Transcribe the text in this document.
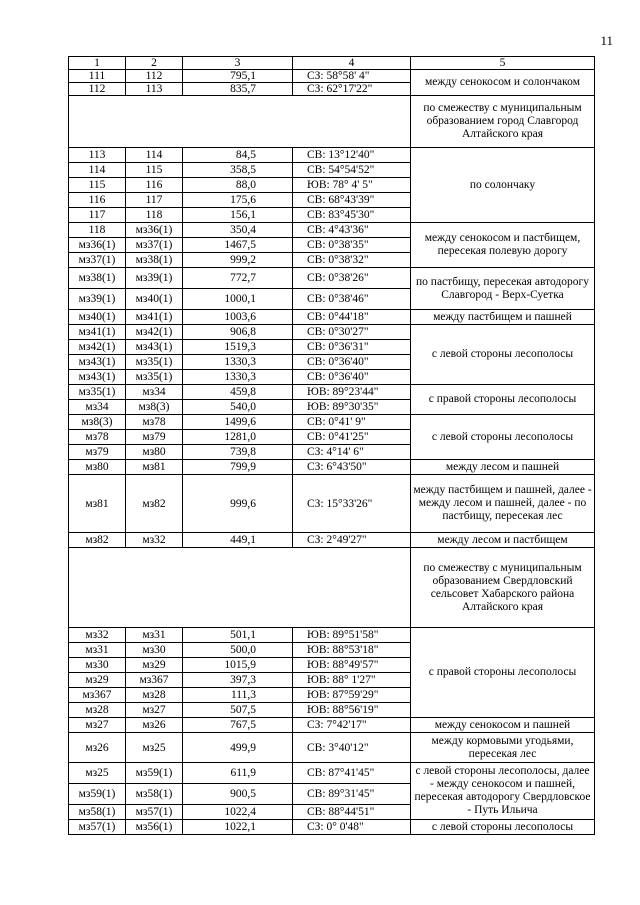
11
1	2	3	4	5
111	112	795,1	СЗ: 58°58' 4"	между сенокосом и солончаком
112	113	835,7	СЗ: 62°17'22"	
				по смежеству с муниципальным образованием город Славгород Алтайского края
113	114	84,5	СВ: 13°12'40"	по солончаку
114	115	358,5	СВ: 54°54'52"	
115	116	88,0	ЮВ: 78° 4' 5"	
116	117	175,6	СВ: 68°43'39"	
117	118	156,1	СВ: 83°45'30"	
118	мз36(1)	350,4	СВ: 4°43'36"	между сенокосом и пастбищем, пересекая полевую дорогу
мз36(1)	мз37(1)	1467,5	СВ: 0°38'35"	
мз37(1)	мз38(1)	999,2	СВ: 0°38'32"	
мз38(1)	мз39(1)	772,7	СВ: 0°38'26"	по пастбищу, пересекая автодорогу Славгород - Верх-Суетка
мз39(1)	мз40(1)	1000,1	СВ: 0°38'46"	
мз40(1)	мз41(1)	1003,6	СВ: 0°44'18"	между пастбищем и пашней
мз41(1)	мз42(1)	906,8	СВ: 0°30'27"	с левой стороны лесополосы
мз42(1)	мз43(1)	1519,3	СВ: 0°36'31"	
мз43(1)	мз35(1)	1330,3	СВ: 0°36'40"	
мз43(1)	мз35(1)	1330,3	СВ: 0°36'40"	
мз35(1)	мз34	459,8	ЮВ: 89°23'44"	с правой стороны лесополосы
мз34	мз8(3)	540,0	ЮВ: 89°30'35"	
мз8(3)	мз78	1499,6	СВ: 0°41' 9"	с левой стороны лесополосы
мз78	мз79	1281,0	СВ: 0°41'25"	
мз79	мз80	739,8	СЗ: 4°14' 6"	
мз80	мз81	799,9	СЗ: 6°43'50"	между лесом и пашней
мз81	мз82	999,6	СЗ: 15°33'26"	между пастбищем и пашней, далее - между лесом и пашней, далее - по пастбищу, пересекая лес
мз82	мз32	449,1	СЗ: 2°49'27"	между лесом и пастбищем
				по смежеству с муниципальным образованием Свердловский сельсовет Хабарского района Алтайского края
мз32	мз31	501,1	ЮВ: 89°51'58"	с правой стороны лесополосы
мз31	мз30	500,0	ЮВ: 88°53'18"	
мз30	мз29	1015,9	ЮВ: 88°49'57"	
мз29	мз367	397,3	ЮВ: 88° 1'27"	
мз367	мз28	111,3	ЮВ: 87°59'29"	
мз28	мз27	507,5	ЮВ: 88°56'19"	
мз27	мз26	767,5	СЗ: 7°42'17"	между сенокосом и пашней
мз26	мз25	499,9	СВ: 3°40'12"	между кормовыми угодьями, пересекая лес
мз25	мз59(1)	611,9	СВ: 87°41'45"	с левой стороны лесополосы, далее - между сенокосом и пашней, пересекая автодорогу Свердловское - Путь Ильича
мз59(1)	мз58(1)	900,5	СВ: 89°31'45"	
мз58(1)	мз57(1)	1022,4	СВ: 88°44'51"	
мз57(1)	мз56(1)	1022,1	СЗ: 0° 0'48"	с левой стороны лесополосы
